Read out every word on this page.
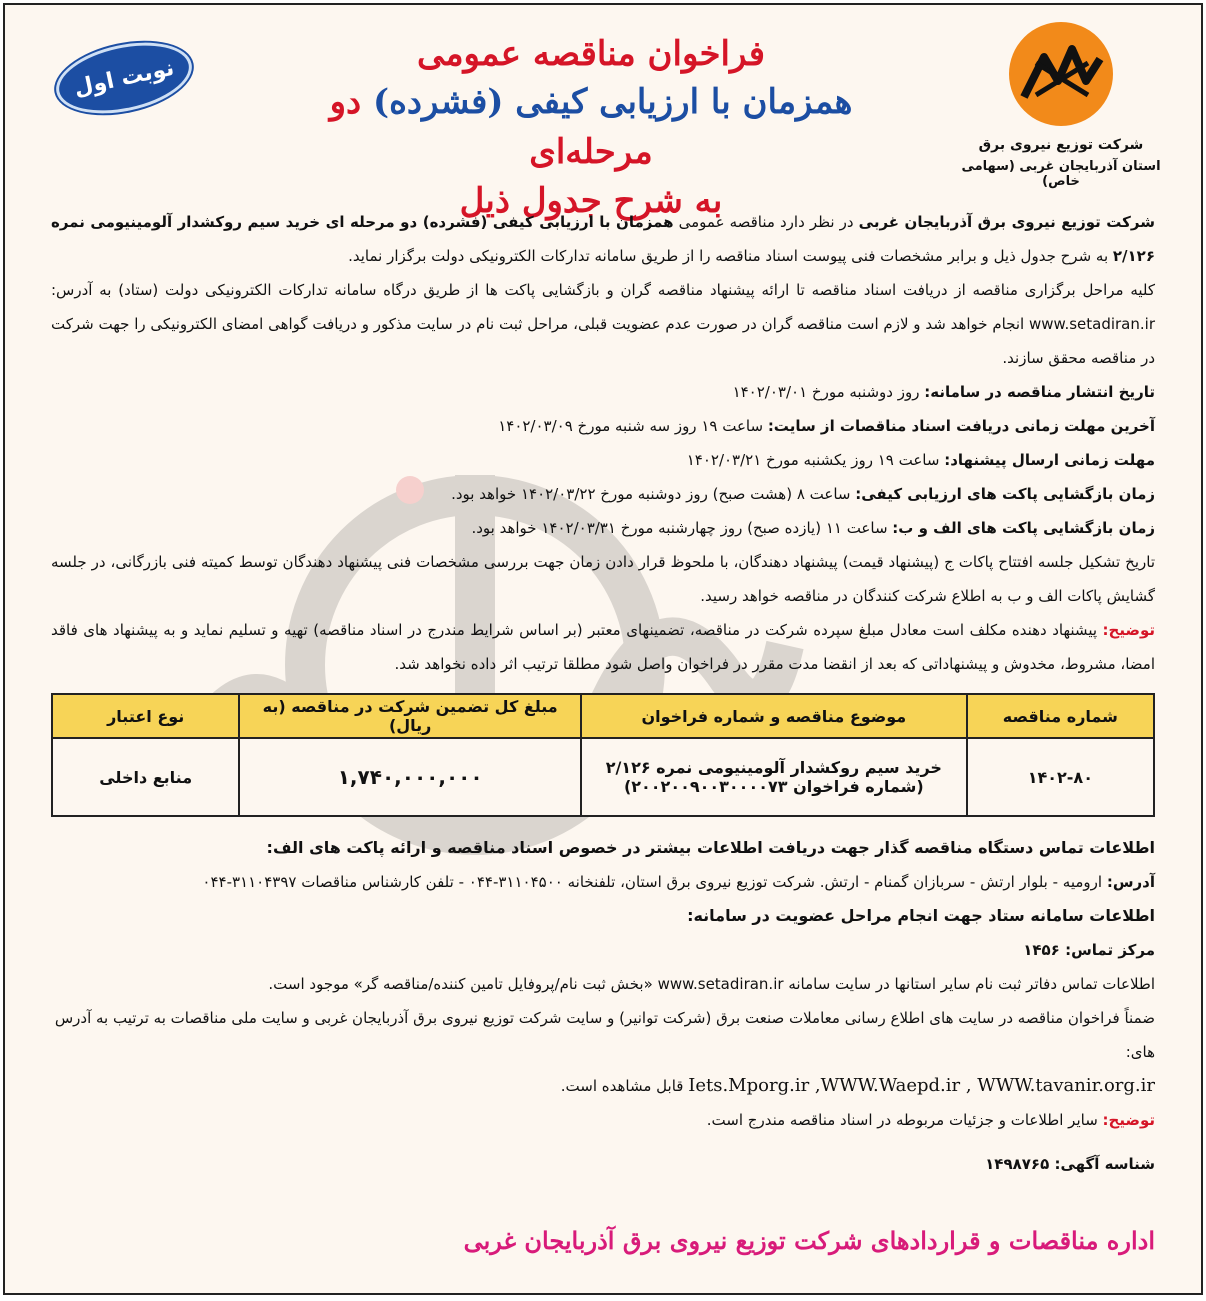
شرکت توزیع نیروی برق
استان آذربایجان غربی (سهامی خاص)
فراخوان مناقصه عمومی
همزمان با ارزیابی کیفی (فشرده) دو مرحله‌ای
به شرح جدول ذیل
نوبت اول

شرکت توزیع نیروی برق آذربایجان غربی در نظر دارد مناقصه عمومی همزمان با ارزیابی کیفی (فشرده) دو مرحله ای خرید سیم روکشدار آلومینیومی نمره ۲/۱۲۶ به شرح جدول ذیل و برابر مشخصات فنی پیوست اسناد مناقصه را از طریق سامانه تدارکات الکترونیکی دولت برگزار نماید.

کلیه مراحل برگزاری مناقصه از دریافت اسناد مناقصه تا ارائه پیشنهاد مناقصه گران و بازگشایی پاکت ها از طریق درگاه سامانه تدارکات الکترونیکی دولت (ستاد) به آدرس: www.setadiran.ir انجام خواهد شد و لازم است مناقصه گران در صورت عدم عضویت قبلی، مراحل ثبت نام در سایت مذکور و دریافت گواهی امضای الکترونیکی را جهت شرکت در مناقصه محقق سازند.

تاریخ انتشار مناقصه در سامانه: روز دوشنبه مورخ ۱۴۰۲/۰۳/۰۱

آخرین مهلت زمانی دریافت اسناد مناقصات از سایت: ساعت ۱۹ روز سه شنبه مورخ ۱۴۰۲/۰۳/۰۹

مهلت زمانی ارسال پیشنهاد: ساعت ۱۹ روز یکشنبه مورخ ۱۴۰۲/۰۳/۲۱

زمان بازگشایی پاکت های ارزیابی کیفی: ساعت ۸ (هشت صبح) روز دوشنبه مورخ ۱۴۰۲/۰۳/۲۲ خواهد بود.

زمان بازگشایی پاکت های الف و ب: ساعت ۱۱ (یازده صبح) روز چهارشنبه مورخ ۱۴۰۲/۰۳/۳۱ خواهد بود.

تاریخ تشکیل جلسه افتتاح پاکات ج (پیشنهاد قیمت) پیشنهاد دهندگان، با ملحوظ قرار دادن زمان جهت بررسی مشخصات فنی پیشنهاد دهندگان توسط کمیته فنی بازرگانی، در جلسه گشایش پاکات الف و ب به اطلاع شرکت کنندگان در مناقصه خواهد رسید.

توضیح: پیشنهاد دهنده مکلف است معادل مبلغ سپرده شرکت در مناقصه، تضمینهای معتبر (بر اساس شرایط مندرج در اسناد مناقصه) تهیه و تسلیم نماید و به پیشنهاد های فاقد امضا، مشروط، مخدوش و پیشنهاداتی که بعد از انقضا مدت مقرر در فراخوان واصل شود مطلقا ترتیب اثر داده نخواهد شد.

شماره مناقصه	موضوع مناقصه و شماره فراخوان	مبلغ کل تضمین شرکت در مناقصه (به ریال)	نوع اعتبار
۱۴۰۲-۸۰	خرید سیم روکشدار آلومینیومی نمره ۲/۱۲۶
(شماره فراخوان ۲۰۰۲۰۰۹۰۰۳۰۰۰۰۷۳)	۱,۷۴۰,۰۰۰,۰۰۰	منابع داخلی

اطلاعات تماس دستگاه مناقصه گذار جهت دریافت اطلاعات بیشتر در خصوص اسناد مناقصه و ارائه پاکت های الف:

آدرس: ارومیه - بلوار ارتش - سربازان گمنام - ارتش. شرکت توزیع نیروی برق استان، تلفنخانه ۳۱۱۰۴۵۰۰-۰۴۴ - تلفن کارشناس مناقصات ۳۱۱۰۴۳۹۷-۰۴۴

اطلاعات سامانه ستاد جهت انجام مراحل عضویت در سامانه:

مرکز تماس: ۱۴۵۶

اطلاعات تماس دفاتر ثبت نام سایر استانها در سایت سامانه www.setadiran.ir «بخش ثبت نام/پروفایل تامین کننده/مناقصه گر» موجود است.

ضمناً فراخوان مناقصه در سایت های اطلاع رسانی معاملات صنعت برق (شرکت توانیر) و سایت شرکت توزیع نیروی برق آذربایجان غربی و سایت ملی مناقصات به ترتیب به آدرس های:

Iets.Mporg.ir ,WWW.Waepd.ir , WWW.tavanir.org.ir قابل مشاهده است.

توضیح: سایر اطلاعات و جزئیات مربوطه در اسناد مناقصه مندرج است.

شناسه آگهی: ۱۴۹۸۷۶۵

اداره مناقصات و قراردادهای شرکت توزیع نیروی برق آذربایجان غربی
